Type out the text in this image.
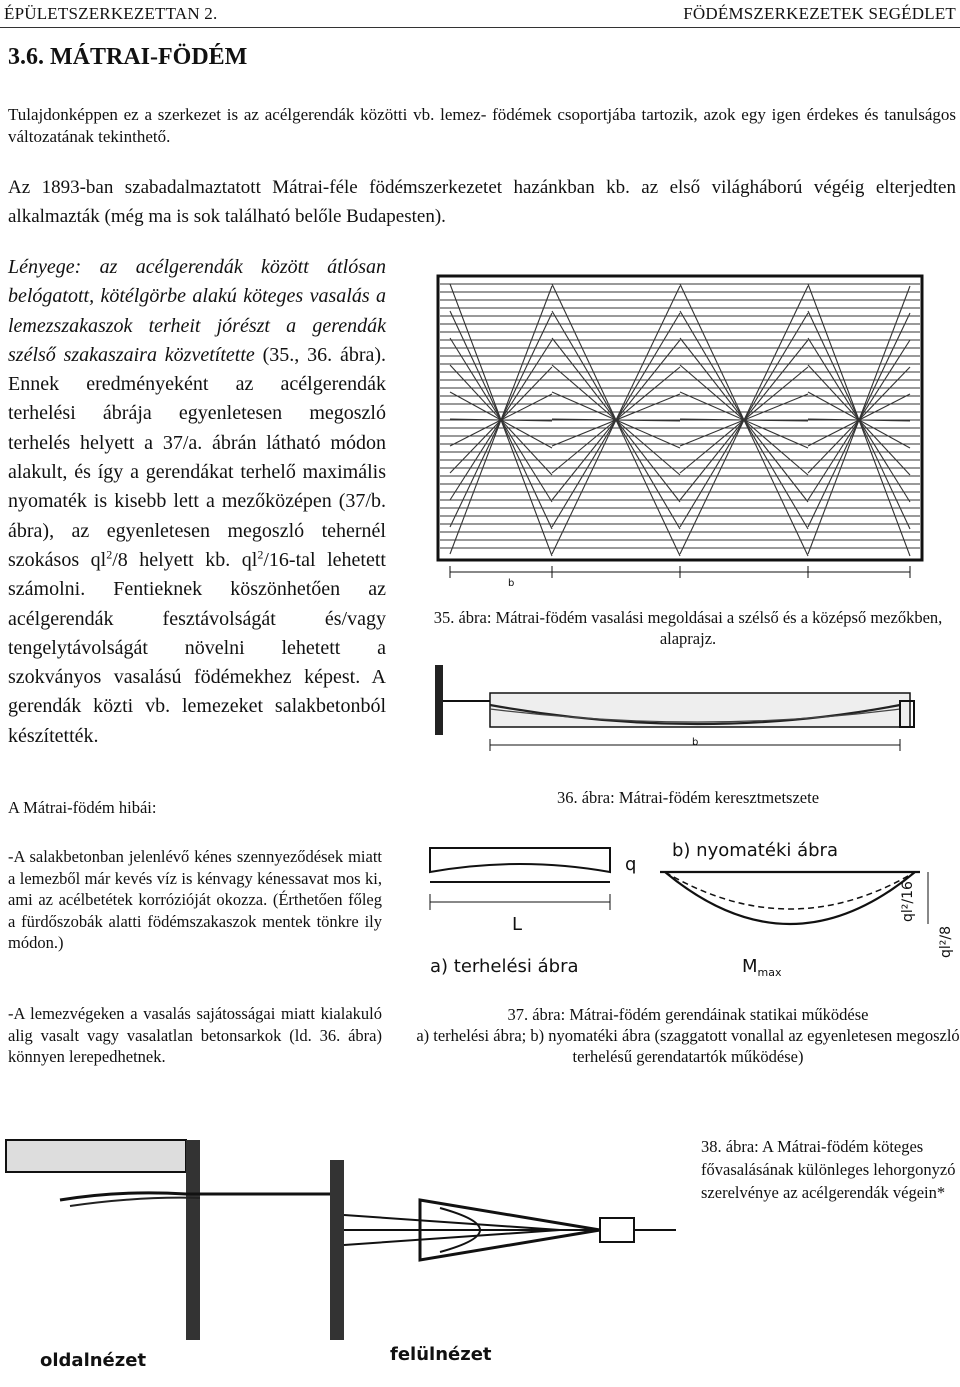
ÉPÜLETSZERKEZETTAN 2.	FÖDÉMSZERKEZETEK SEGÉDLET
3.6. MÁTRAI-FÖDÉM
Tulajdonképpen ez a szerkezet is az acélgerendák közötti vb. lemez- födémek csoportjába tartozik, azok egy igen érdekes és tanulságos változatának tekinthető.
Az 1893-ban szabadalmaztatott Mátrai-féle födémszerkezetet hazánkban kb. az első világháború végéig elterjedten alkalmazták (még ma is sok található belőle Budapesten).
Lényege: az acélgerendák között átlósan belógatott, kötélgörbe alakú köteges vasalás a lemezszakaszok terheit jórészt a gerendák szélső szakaszaira közvetítette (35., 36. ábra). Ennek eredményeként az acélgerendák terhelési ábrája egyenletesen megoszló terhelés helyett a 37/a. ábrán látható módon alakult, és így a gerendákat terhelő maximális nyomaték is kisebb lett a mezőközépen (37/b. ábra), az egyenletesen megoszló tehernél szokásos $ql^2/8$ helyett kb. $ql^2/16$-tal lehetett számolni. Fentieknek köszönhetően az acélgerendák fesztávolságát és/vagy tengelytávolságát növelni lehetett a szokványos vasalású födémekhez képest. A gerendák közti vb. lemezeket salakbetonból készítették.
A Mátrai-födém hibái:
-A salakbetonban jelenlévő kénes szennyeződések miatt a lemezből már kevés víz is kénvagy kénessavat mos ki, ami az acélbetétek korrózióját okozza. (Érthetően főleg a fürdőszobák alatti födémszakaszok mentek tönkre ily módon.)
-A lemezvégeken a vasalás sajátosságai miatt kialakuló alig vasalt vagy vasalatlan betonsarkok (ld. 36. ábra) könnyen lerepedhetnek.
b
35. ábra: Mátrai-födém vasalási megoldásai a szélső és a középső mezőkben, alaprajz.
b
36. ábra: Mátrai-födém keresztmetszete
q
L
b) nyomatéki ábra
a) terhelési ábra	$M_{max}$
ql²/16
ql²/8
37. ábra: Mátrai-födém gerendáinak statikai működése
a) terhelési ábra; b) nyomatéki ábra (szaggatott vonallal az egyenletesen megoszló terhelésű gerendatartók működése)
oldalnézet	felülnézet
38. ábra: A Mátrai-födém köteges fővasalásának különleges lehorgonyzó szerelvénye az acélgerendák végein*
